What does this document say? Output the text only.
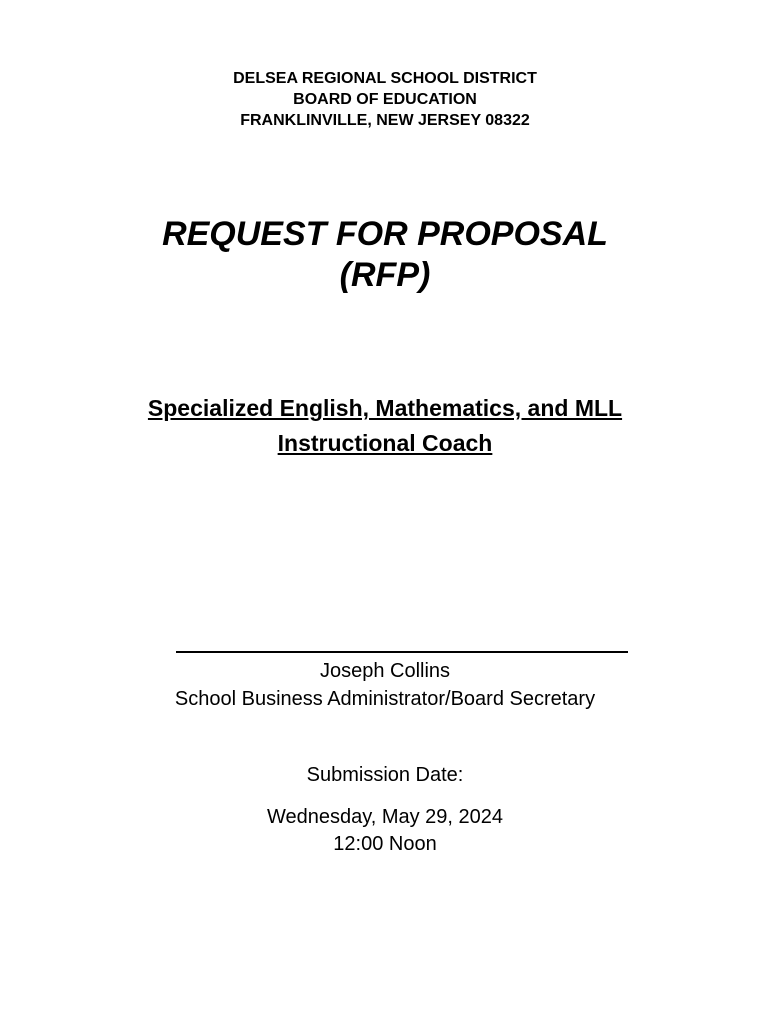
DELSEA REGIONAL SCHOOL DISTRICT
BOARD OF EDUCATION
FRANKLINVILLE, NEW JERSEY 08322
REQUEST FOR PROPOSAL
(RFP)
Specialized English, Mathematics, and MLL
Instructional Coach
Joseph Collins
School Business Administrator/Board Secretary
Submission Date:
Wednesday, May 29, 2024
12:00 Noon
